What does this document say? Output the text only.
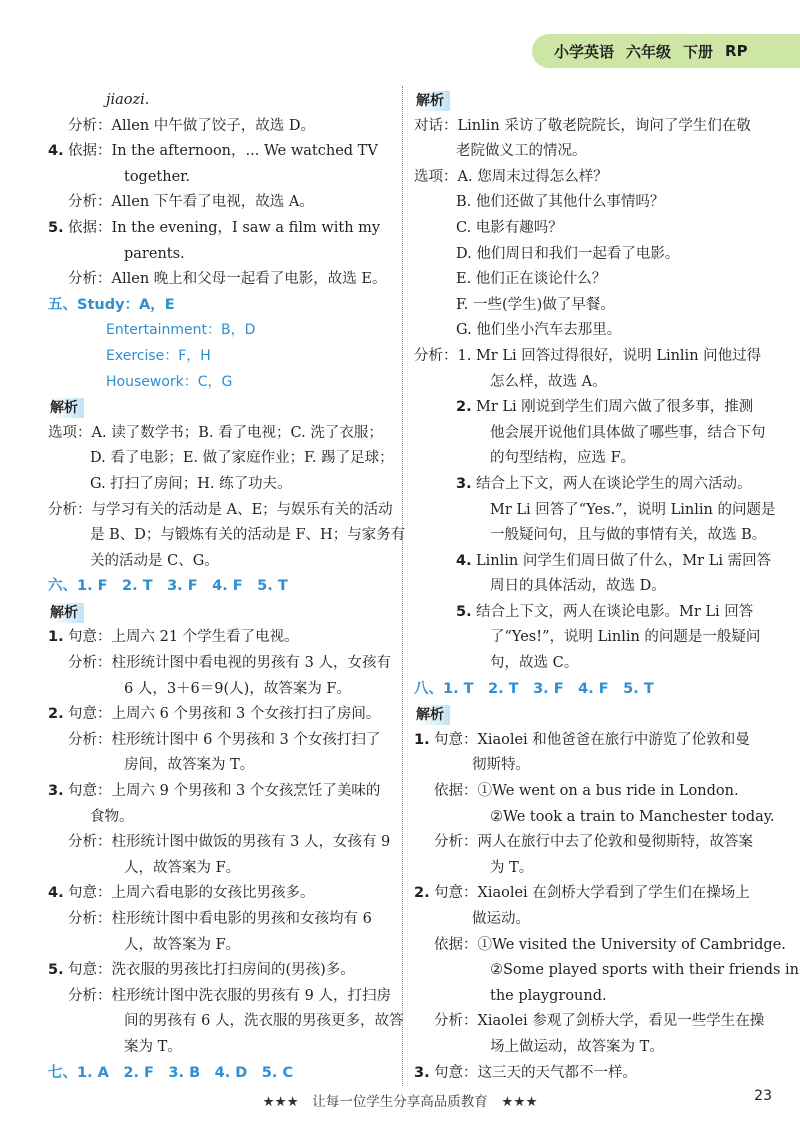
小学英语 六年级 下册 RP
jiaozi.
分析：Allen 中午做了饺子，故选 D。
4. 依据：In the afternoon，... We watched TV
together.
分析：Allen 下午看了电视，故选 A。
5. 依据：In the evening，I saw a film with my
parents.
分析：Allen 晚上和父母一起看了电影，故选 E。
五、Study：A，E
Entertainment：B，D
Exercise：F，H
Housework：C，G
解析
选项：A. 读了数学书；B. 看了电视；C. 洗了衣服；
D. 看了电影；E. 做了家庭作业；F. 踢了足球；
G. 打扫了房间；H. 练了功夫。
分析：与学习有关的活动是 A、E；与娱乐有关的活动
是 B、D；与锻炼有关的活动是 F、H；与家务有
关的活动是 C、G。
六、1. F　2. T　3. F　4. F　5. T
解析
1. 句意：上周六 21 个学生看了电视。
分析：柱形统计图中看电视的男孩有 3 人，女孩有
6 人，3＋6＝9(人)，故答案为 F。
2. 句意：上周六 6 个男孩和 3 个女孩打扫了房间。
分析：柱形统计图中 6 个男孩和 3 个女孩打扫了
房间，故答案为 T。
3. 句意：上周六 9 个男孩和 3 个女孩烹饪了美味的
食物。
分析：柱形统计图中做饭的男孩有 3 人，女孩有 9
人，故答案为 F。
4. 句意：上周六看电影的女孩比男孩多。
分析：柱形统计图中看电影的男孩和女孩均有 6
人，故答案为 F。
5. 句意：洗衣服的男孩比打扫房间的(男孩)多。
分析：柱形统计图中洗衣服的男孩有 9 人，打扫房
间的男孩有 6 人，洗衣服的男孩更多，故答
案为 T。
七、1. A　2. F　3. B　4. D　5. C
解析
对话：Linlin 采访了敬老院院长，询问了学生们在敬
老院做义工的情况。
选项：A. 您周末过得怎么样？
B. 他们还做了其他什么事情吗？
C. 电影有趣吗？
D. 他们周日和我们一起看了电影。
E. 他们正在谈论什么？
F. 一些(学生)做了早餐。
G. 他们坐小汽车去那里。
分析：1. Mr Li 回答过得很好，说明 Linlin 问他过得
怎么样，故选 A。
2. Mr Li 刚说到学生们周六做了很多事，推测
他会展开说他们具体做了哪些事，结合下句
的句型结构，应选 F。
3. 结合上下文，两人在谈论学生的周六活动。
Mr Li 回答了“Yes.”，说明 Linlin 的问题是
一般疑问句，且与做的事情有关，故选 B。
4. Linlin 问学生们周日做了什么，Mr Li 需回答
周日的具体活动，故选 D。
5. 结合上下文，两人在谈论电影。Mr Li 回答
了“Yes!”，说明 Linlin 的问题是一般疑问
句，故选 C。
八、1. T　2. T　3. F　4. F　5. T
解析
1. 句意：Xiaolei 和他爸爸在旅行中游览了伦敦和曼
彻斯特。
依据：①We went on a bus ride in London.
②We took a train to Manchester today.
分析：两人在旅行中去了伦敦和曼彻斯特，故答案
为 T。
2. 句意：Xiaolei 在剑桥大学看到了学生们在操场上
做运动。
依据：①We visited the University of Cambridge.
②Some played sports with their friends in
the playground.
分析：Xiaolei 参观了剑桥大学，看见一些学生在操
场上做运动，故答案为 T。
3. 句意：这三天的天气都不一样。
★★★　让每一位学生分享高品质教育　★★★	23
